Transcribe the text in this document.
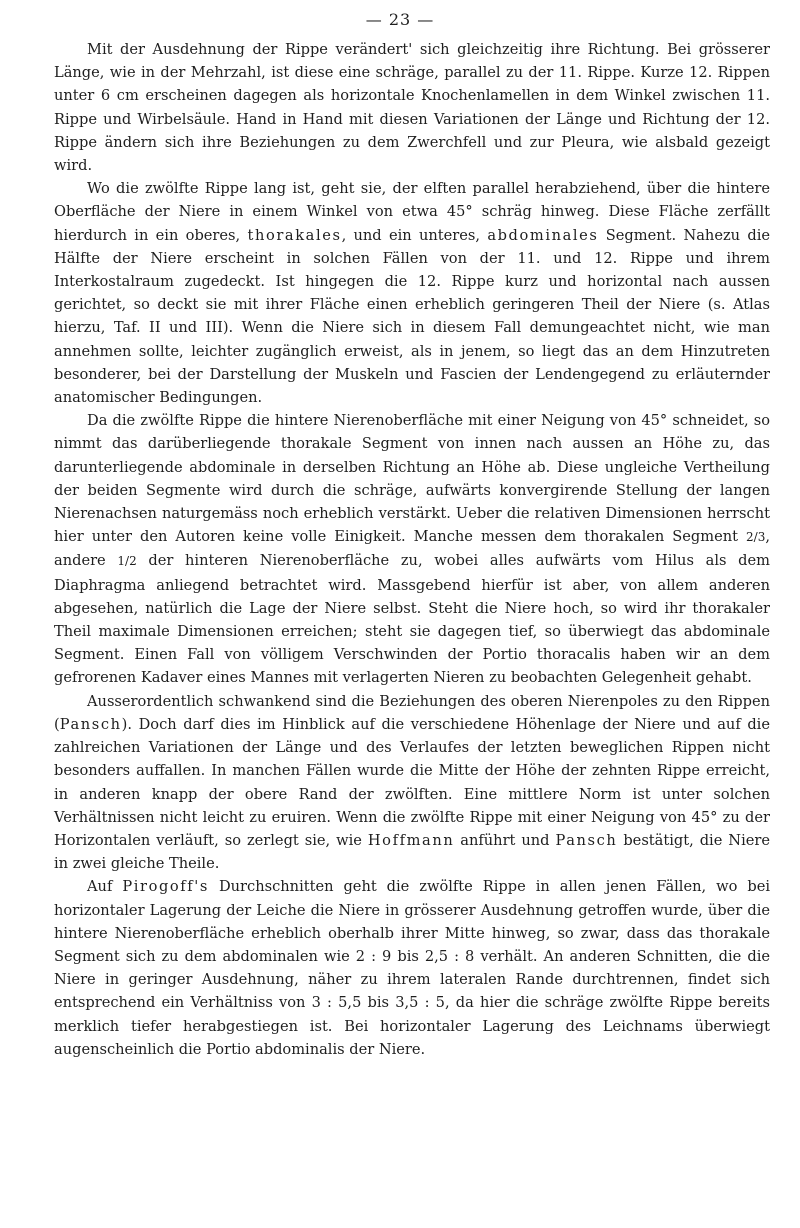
— 23 —

Mit der Ausdehnung der Rippe verändert' sich gleichzeitig ihre Richtung. Bei grösserer Länge, wie in der Mehrzahl, ist diese eine schräge, parallel zu der 11. Rippe. Kurze 12. Rippen unter 6 cm erscheinen dagegen als horizontale Knochenlamellen in dem Winkel zwischen 11. Rippe und Wirbelsäule. Hand in Hand mit diesen Variationen der Länge und Richtung der 12. Rippe ändern sich ihre Beziehungen zu dem Zwerchfell und zur Pleura, wie alsbald gezeigt wird.

Wo die zwölfte Rippe lang ist, geht sie, der elften parallel herabziehend, über die hintere Oberfläche der Niere in einem Winkel von etwa 45° schräg hinweg. Diese Fläche zerfällt hierdurch in ein oberes, thorakales, und ein unteres, abdominales Segment. Nahezu die Hälfte der Niere erscheint in solchen Fällen von der 11. und 12. Rippe und ihrem Interkostalraum zugedeckt. Ist hingegen die 12. Rippe kurz und horizontal nach aussen gerichtet, so deckt sie mit ihrer Fläche einen erheblich geringeren Theil der Niere (s. Atlas hierzu, Taf. II und III). Wenn die Niere sich in diesem Fall demungeachtet nicht, wie man annehmen sollte, leichter zugänglich erweist, als in jenem, so liegt das an dem Hinzutreten besonderer, bei der Darstellung der Muskeln und Fascien der Lendengegend zu erläuternder anatomischer Bedingungen.

Da die zwölfte Rippe die hintere Nierenoberfläche mit einer Neigung von 45° schneidet, so nimmt das darüberliegende thorakale Segment von innen nach aussen an Höhe zu, das darunterliegende abdominale in derselben Richtung an Höhe ab. Diese ungleiche Vertheilung der beiden Segmente wird durch die schräge, aufwärts konvergirende Stellung der langen Nierenachsen naturgemäss noch erheblich verstärkt. Ueber die relativen Dimensionen herrscht hier unter den Autoren keine volle Einigkeit. Manche messen dem thorakalen Segment 2/3, andere 1/2 der hinteren Nierenoberfläche zu, wobei alles aufwärts vom Hilus als dem Diaphragma anliegend betrachtet wird. Massgebend hierfür ist aber, von allem anderen abgesehen, natürlich die Lage der Niere selbst. Steht die Niere hoch, so wird ihr thorakaler Theil maximale Dimensionen erreichen; steht sie dagegen tief, so überwiegt das abdominale Segment. Einen Fall von völligem Verschwinden der Portio thoracalis haben wir an dem gefrorenen Kadaver eines Mannes mit verlagerten Nieren zu beobachten Gelegenheit gehabt.

Ausserordentlich schwankend sind die Beziehungen des oberen Nierenpoles zu den Rippen (Pansch). Doch darf dies im Hinblick auf die verschiedene Höhenlage der Niere und auf die zahlreichen Variationen der Länge und des Verlaufes der letzten beweglichen Rippen nicht besonders auffallen. In manchen Fällen wurde die Mitte der Höhe der zehnten Rippe erreicht, in anderen knapp der obere Rand der zwölften. Eine mittlere Norm ist unter solchen Verhältnissen nicht leicht zu eruiren. Wenn die zwölfte Rippe mit einer Neigung von 45° zu der Horizontalen verläuft, so zerlegt sie, wie Hoffmann anführt und Pansch bestätigt, die Niere in zwei gleiche Theile.

Auf Pirogoff's Durchschnitten geht die zwölfte Rippe in allen jenen Fällen, wo bei horizontaler Lagerung der Leiche die Niere in grösserer Ausdehnung getroffen wurde, über die hintere Nierenoberfläche erheblich oberhalb ihrer Mitte hinweg, so zwar, dass das thorakale Segment sich zu dem abdominalen wie 2 : 9 bis 2,5 : 8 verhält. An anderen Schnitten, die die Niere in geringer Ausdehnung, näher zu ihrem lateralen Rande durchtrennen, findet sich entsprechend ein Verhältniss von 3 : 5,5 bis 3,5 : 5, da hier die schräge zwölfte Rippe bereits merklich tiefer herabgestiegen ist. Bei horizontaler Lagerung des Leichnams überwiegt augenscheinlich die Portio abdominalis der Niere.
